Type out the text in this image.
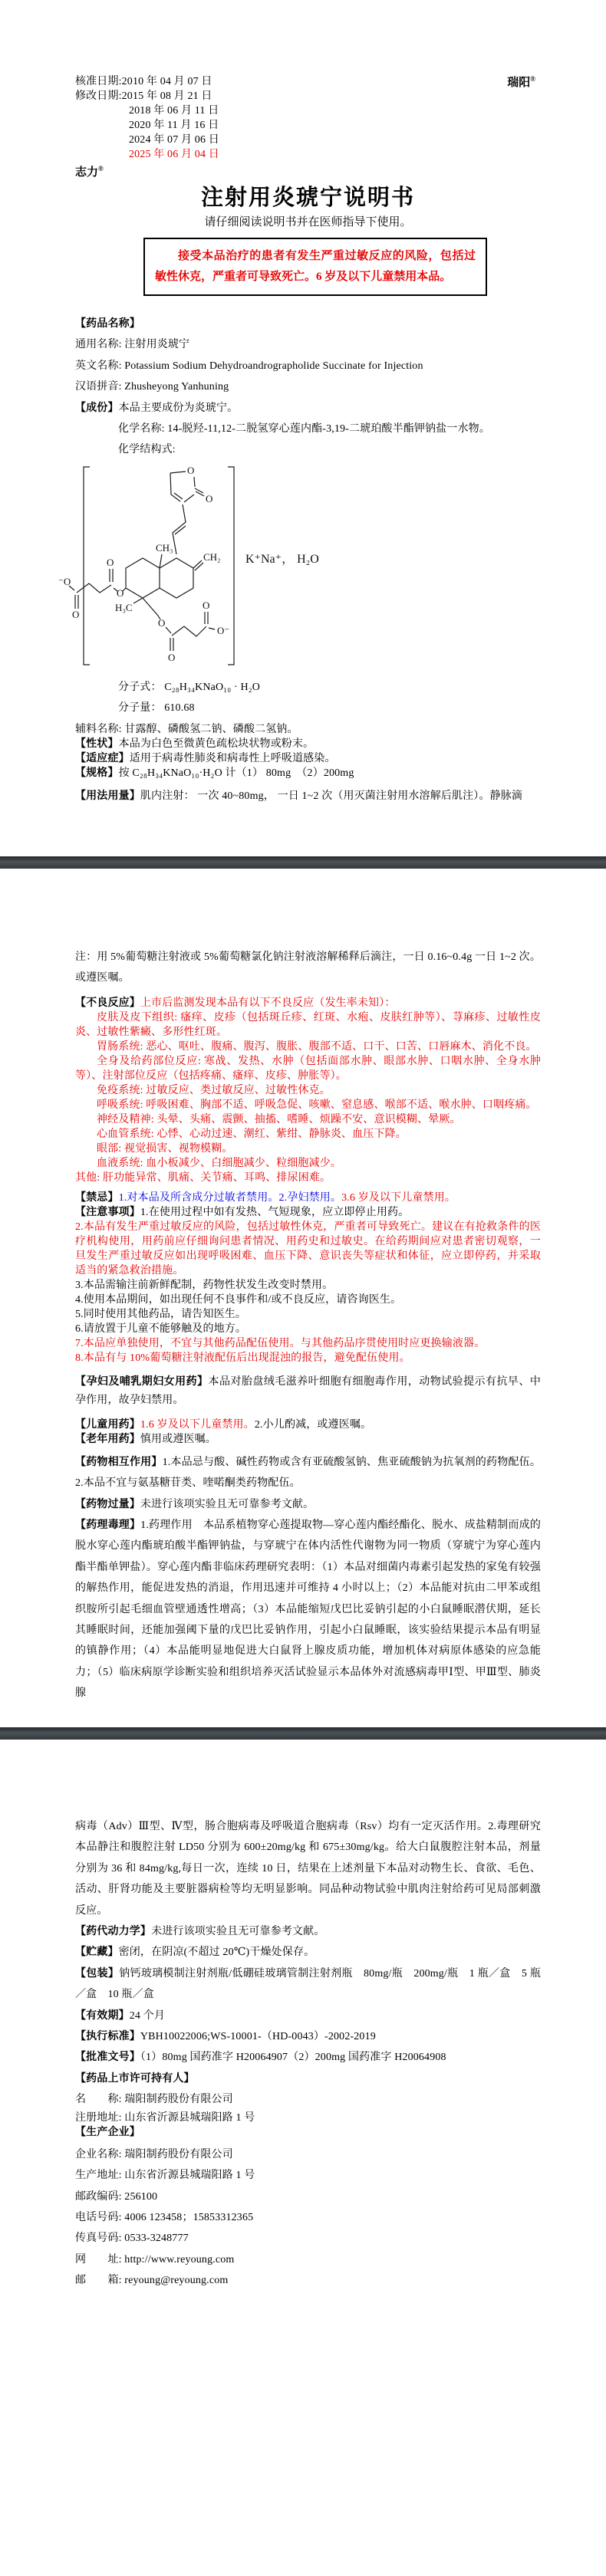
瑞阳®
核准日期:2010 年 04 月 07 日
修改日期:2015 年 08 月 21 日
2018 年 06 月 11 日
2020 年 11 月 16 日
2024 年 07 月 06 日
2025 年 06 月 04 日
志力®
注射用炎琥宁说明书
请仔细阅读说明书并在医师指导下使用。
接受本品治疗的患者有发生严重过敏反应的风险，包括过敏性休克，严重者可导致死亡。6 岁及以下儿童禁用本品。

【药品名称】

通用名称: 注射用炎琥宁

英文名称: Potassium Sodium Dehydroandrographolide Succinate for Injection

汉语拼音: Zhusheyong Yanhuning

【成份】本品主要成份为炎琥宁。

化学名称: 14-脱羟-11,12-二脱氢穿心莲内酯-3,19-二琥珀酸半酯钾钠盐一水物。

化学结构式:

O
O
CH₃
CH₂
H₃C
O
O
O
⁻O
O
O
O
O⁻
K⁺Na⁺， H₂O

分子式： C₂₈H₃₄KNaO₁₀ · H₂O

分子量： 610.68

辅料名称: 甘露醇、磷酸氢二钠、磷酸二氢钠。

【性状】本品为白色至微黄色疏松块状物或粉末。

【适应症】适用于病毒性肺炎和病毒性上呼吸道感染。

【规格】按 C₂₈H₃₄KNaO₁₀·H₂O 计（1） 80mg　（2）200mg

【用法用量】肌内注射： 一次 40~80mg， 一日 1~2 次（用灭菌注射用水溶解后肌注）。静脉滴

注：用 5%葡萄糖注射液或 5%葡萄糖氯化钠注射液溶解稀释后滴注，一日 0.16~0.4g 一日 1~2 次。或遵医嘱。

【不良反应】上市后监测发现本品有以下不良反应（发生率未知）：

皮肤及皮下组织: 瘙痒、皮疹（包括斑丘疹、红斑、水疱、皮肤红肿等）、荨麻疹、过敏性皮炎、过敏性紫癜、多形性红斑。

胃肠系统: 恶心、呕吐、腹痛、腹泻、腹胀、腹部不适、口干、口苦、口唇麻木、消化不良。

全身及给药部位反应: 寒战、发热、水肿（包括面部水肿、眼部水肿、口咽水肿、全身水肿等）、注射部位反应（包括疼痛、瘙痒、皮疹、肿胀等）。

免疫系统: 过敏反应、类过敏反应、过敏性休克。

呼吸系统: 呼吸困难、胸部不适、呼吸急促、咳嗽、窒息感、喉部不适、喉水肿、口咽疼痛。

神经及精神: 头晕、头痛、震颤、抽搐、嗜睡、烦躁不安、意识模糊、晕厥。

心血管系统: 心悸、心动过速、潮红、紫绀、静脉炎、血压下降。

眼部: 视觉损害、视物模糊。

血液系统: 血小板减少、白细胞减少、粒细胞减少。

其他: 肝功能异常、肌痛、关节痛、耳鸣、排尿困难。

【禁忌】1.对本品及所含成分过敏者禁用。2.孕妇禁用。3.6 岁及以下儿童禁用。

【注意事项】1.在使用过程中如有发热、气短现象，应立即停止用药。

2.本品有发生严重过敏反应的风险，包括过敏性休克，严重者可导致死亡。建议在有抢救条件的医疗机构使用，用药前应仔细询问患者情况、用药史和过敏史。在给药期间应对患者密切观察，一旦发生严重过敏反应如出现呼吸困难、血压下降、意识丧失等症状和体征，应立即停药，并采取适当的紧急救治措施。

3.本品需输注前新鲜配制，药物性状发生改变时禁用。

4.使用本品期间，如出现任何不良事件和/或不良反应，请咨询医生。

5.同时使用其他药品，请告知医生。

6.请放置于儿童不能够触及的地方。

7.本品应单独使用，不宜与其他药品配伍使用。与其他药品序贯使用时应更换输液器。

8.本品有与 10%葡萄糖注射液配伍后出现混浊的报告，避免配伍使用。

【孕妇及哺乳期妇女用药】本品对胎盘绒毛滋养叶细胞有细胞毒作用，动物试验提示有抗早、中孕作用，故孕妇禁用。

【儿童用药】1.6 岁及以下儿童禁用。2.小儿酌减，或遵医嘱。

【老年用药】慎用或遵医嘱。

【药物相互作用】1.本品忌与酸、碱性药物或含有亚硫酸氢钠、焦亚硫酸钠为抗氧剂的药物配伍。2.本品不宜与氨基糖苷类、喹喏酮类药物配伍。

【药物过量】未进行该项实验且无可靠参考文献。

【药理毒理】1.药理作用　本品系植物穿心莲提取物—穿心莲内酯经酯化、脱水、成盐精制而成的脱水穿心莲内酯琥珀酸半酯钾钠盐，与穿琥宁在体内活性代谢物为同一物质（穿琥宁为穿心莲内酯半酯单钾盐）。穿心莲内酯非临床药理研究表明：（1）本品对细菌内毒素引起发热的家兔有较强的解热作用，能促进发热的消退，作用迅速并可维持 4 小时以上；（2）本品能对抗由二甲苯或组织胺所引起毛细血管壁通透性增高；（3）本品能缩短戊巴比妥钠引起的小白鼠睡眠潜伏期，延长其睡眠时间，还能加强阈下量的戊巴比妥钠作用，引起小白鼠睡眠，该实验结果提示本品有明显的镇静作用；（4）本品能明显地促进大白鼠肾上腺皮质功能，增加机体对病原体感染的应急能力；（5）临床病原学诊断实验和组织培养灭活试验显示本品体外对流感病毒甲Ⅰ型、甲Ⅲ型、肺炎腺

病毒（Adv）Ⅲ型、Ⅳ型，肠合胞病毒及呼吸道合胞病毒（Rsv）均有一定灭活作用。2.毒理研究 本品静注和腹腔注射 LD50 分别为 600±20mg/kg 和 675±30mg/kg。给大白鼠腹腔注射本品，剂量分别为 36 和 84mg/kg,每日一次，连续 10 日，结果在上述剂量下本品对动物生长、食欲、毛色、活动、肝肾功能及主要脏器病检等均无明显影响。同品种动物试验中肌肉注射给药可见局部刺激反应。

【药代动力学】未进行该项实验且无可靠参考文献。

【贮藏】密闭，在阴凉(不超过 20℃)干燥处保存。

【包装】钠钙玻璃模制注射剂瓶/低硼硅玻璃管制注射剂瓶　80mg/瓶　200mg/瓶　1 瓶／盒　5 瓶／盒　10 瓶／盒

【有效期】24 个月

【执行标准】YBH10022006;WS-10001-（HD-0043）-2002-2019

【批准文号】（1）80mg 国药准字 H20064907（2）200mg 国药准字 H20064908

【药品上市许可持有人】

名　　称: 瑞阳制药股份有限公司

注册地址: 山东省沂源县城瑞阳路 1 号

【生产企业】

企业名称: 瑞阳制药股份有限公司

生产地址: 山东省沂源县城瑞阳路 1 号

邮政编码: 256100

电话号码: 4006 123458；15853312365

传真号码: 0533-3248777

网　　址: http://www.reyoung.com

邮　　箱: reyoung@reyoung.com
